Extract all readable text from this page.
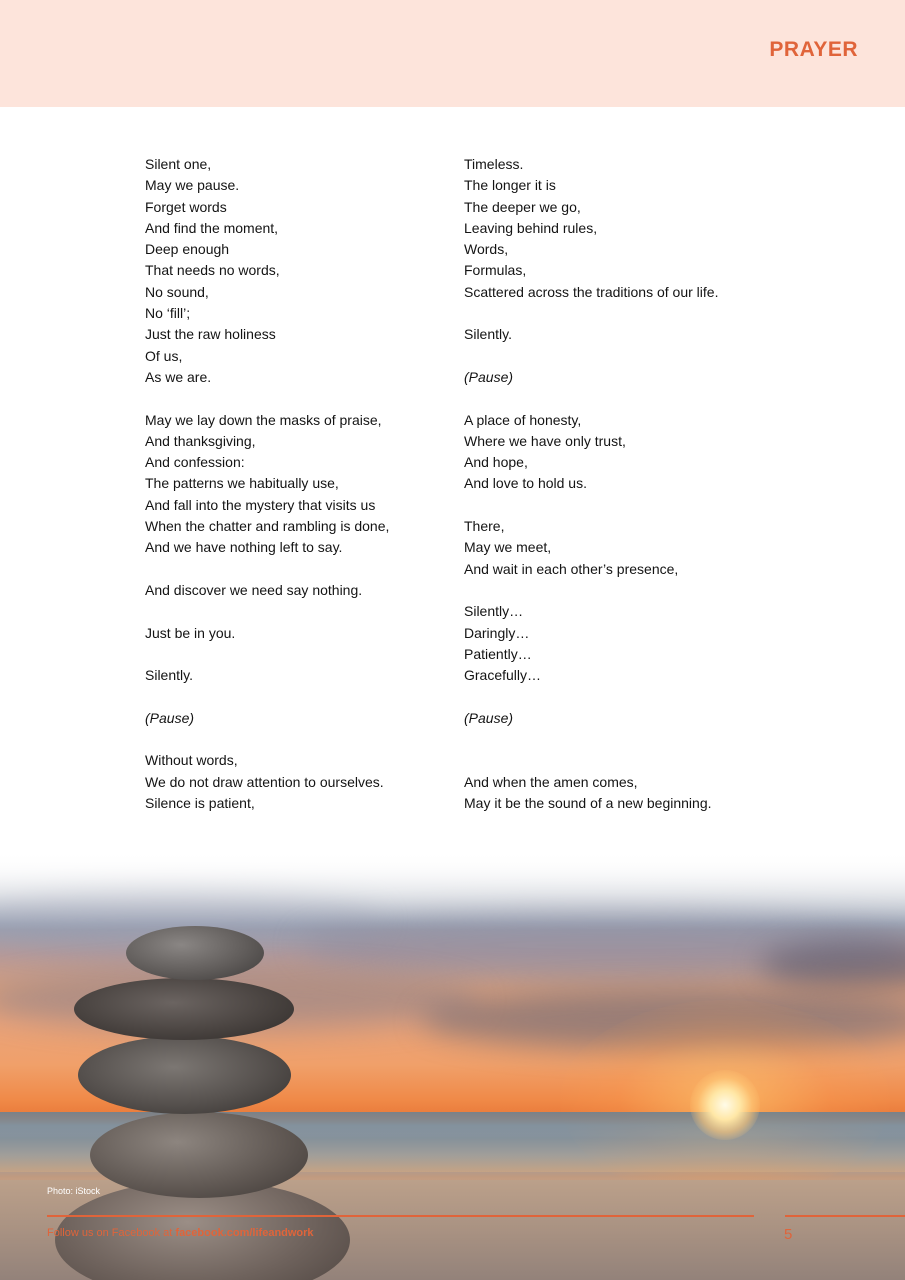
PRAYER
Silent one,
May we pause.
Forget words
And find the moment,
Deep enough
That needs no words,
No sound,
No ‘fill’;
Just the raw holiness
Of us,
As we are.
May we lay down the masks of praise,
And thanksgiving,
And confession:
The patterns we habitually use,
And fall into the mystery that visits us
When the chatter and rambling is done,
And we have nothing left to say.
And discover we need say nothing.
Just be in you.
Silently.
(Pause)
Without words,
We do not draw attention to ourselves.
Silence is patient,
Timeless.
The longer it is
The deeper we go,
Leaving behind rules,
Words,
Formulas,
Scattered across the traditions of our life.
Silently.
(Pause)
A place of honesty,
Where we have only trust,
And hope,
And love to hold us.
There,
May we meet,
And wait in each other’s presence,
Silently…
Daringly…
Patiently…
Gracefully…
(Pause)
And when the amen comes,
May it be the sound of a new beginning.
Photo: iStock
Follow us on Facebook at facebook.com/lifeandwork	5
